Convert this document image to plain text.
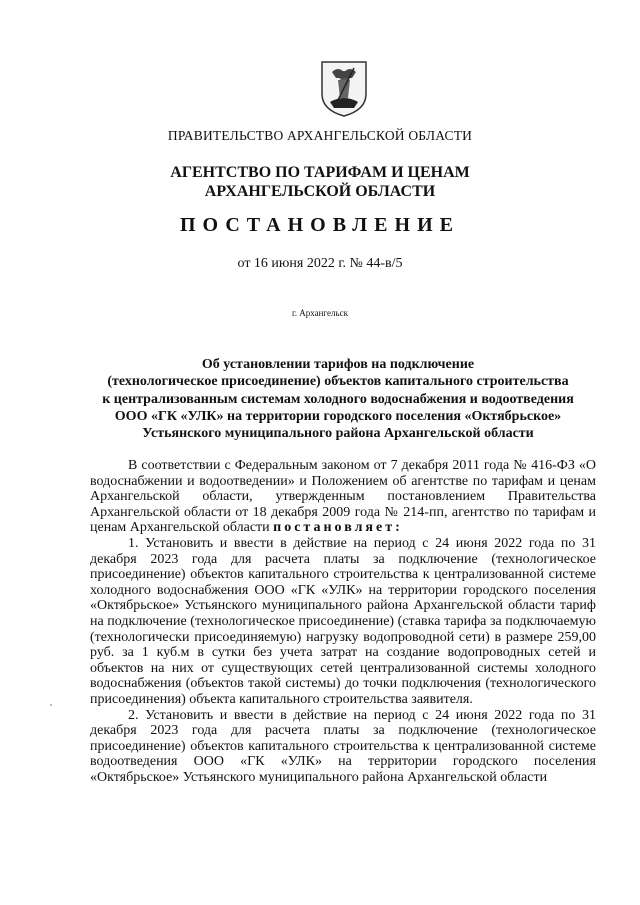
ПРАВИТЕЛЬСТВО АРХАНГЕЛЬСКОЙ ОБЛАСТИ
АГЕНТСТВО ПО ТАРИФАМ И ЦЕНАМ
АРХАНГЕЛЬСКОЙ ОБЛАСТИ
ПОСТАНОВЛЕНИЕ
от 16 июня 2022 г. № 44-в/5
г. Архангельск
Об установлении тарифов на подключение
(технологическое присоединение) объектов капитального строительства
к централизованным системам холодного водоснабжения и водоотведения
ООО «ГК «УЛК» на территории городского поселения «Октябрьское»
Устьянского муниципального района Архангельской области

В соответствии с Федеральным законом от 7 декабря 2011 года № 416-ФЗ «О водоснабжении и водоотведении» и Положением об агентстве по тарифам и ценам Архангельской области, утвержденным постановлением Правительства Архангельской области от 18 декабря 2009 года № 214-пп, агентство по тарифам и ценам Архангельской области постановляет:

1. Установить и ввести в действие на период с 24 июня 2022 года по 31 декабря 2023 года для расчета платы за подключение (технологическое присоединение) объектов капитального строительства к централизованной системе холодного водоснабжения ООО «ГК «УЛК» на территории городского поселения «Октябрьское» Устьянского муниципального района Архангельской области тариф на подключение (технологическое присоединение) (ставка тарифа за подключаемую (технологически присоединяемую) нагрузку водопроводной сети) в размере 259,00 руб. за 1 куб.м в сутки без учета затрат на создание водопроводных сетей и объектов на них от существующих сетей централизованной системы холодного водоснабжения (объектов такой системы) до точки подключения (технологического присоединения) объекта капитального строительства заявителя.

2. Установить и ввести в действие на период с 24 июня 2022 года по 31 декабря 2023 года для расчета платы за подключение (технологическое присоединение) объектов капитального строительства к централизованной системе водоотведения ООО «ГК «УЛК» на территории городского поселения «Октябрьское» Устьянского муниципального района Архангельской области
